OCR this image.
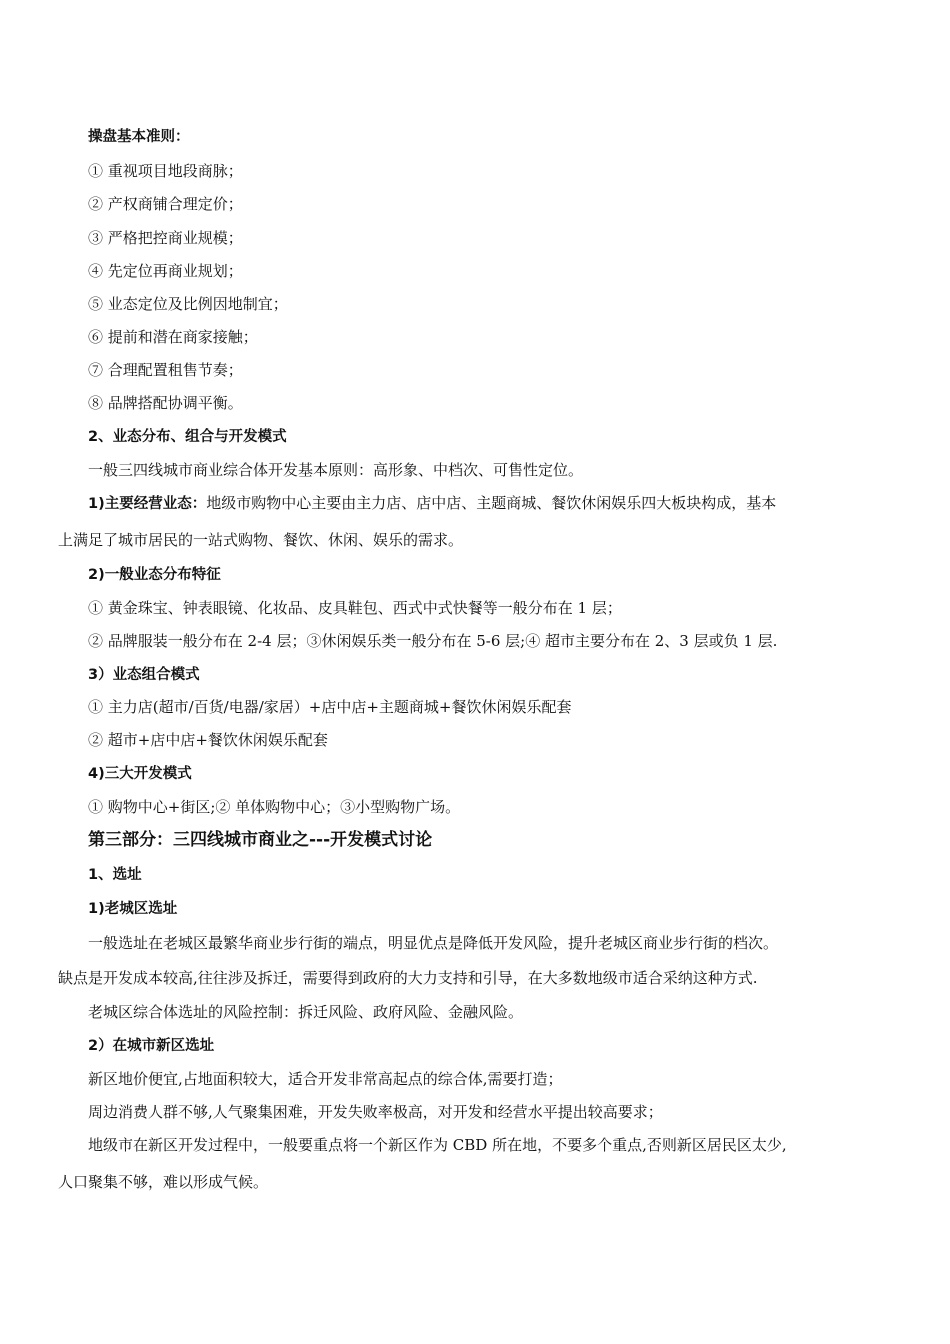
操盘基本准则：
① 重视项目地段商脉；
② 产权商铺合理定价；
③ 严格把控商业规模；
④ 先定位再商业规划；
⑤ 业态定位及比例因地制宜；
⑥ 提前和潜在商家接触；
⑦ 合理配置租售节奏；
⑧ 品牌搭配协调平衡。
2、业态分布、组合与开发模式
一般三四线城市商业综合体开发基本原则：高形象、中档次、可售性定位。
1)主要经营业态：地级市购物中心主要由主力店、店中店、主题商城、餐饮休闲娱乐四大板块构成，基本
上满足了城市居民的一站式购物、餐饮、休闲、娱乐的需求。
2)一般业态分布特征
① 黄金珠宝、钟表眼镜、化妆品、皮具鞋包、西式中式快餐等一般分布在 1 层；
② 品牌服装一般分布在 2-4 层；③休闲娱乐类一般分布在 5-6 层;④ 超市主要分布在 2、3 层或负 1 层.
3）业态组合模式
① 主力店(超市/百货/电器/家居）+店中店+主题商城+餐饮休闲娱乐配套
② 超市+店中店+餐饮休闲娱乐配套
4)三大开发模式
① 购物中心+街区;② 单体购物中心；③小型购物广场。
第三部分：三四线城市商业之---开发模式讨论
1、选址
1)老城区选址
一般选址在老城区最繁华商业步行街的端点，明显优点是降低开发风险，提升老城区商业步行街的档次。
缺点是开发成本较高,往往涉及拆迁，需要得到政府的大力支持和引导，在大多数地级市适合采纳这种方式.
老城区综合体选址的风险控制：拆迁风险、政府风险、金融风险。
2）在城市新区选址
新区地价便宜,占地面积较大，适合开发非常高起点的综合体,需要打造；
周边消费人群不够,人气聚集困难，开发失败率极高，对开发和经营水平提出较高要求；
地级市在新区开发过程中，一般要重点将一个新区作为 CBD 所在地，不要多个重点,否则新区居民区太少,
人口聚集不够，难以形成气候。
